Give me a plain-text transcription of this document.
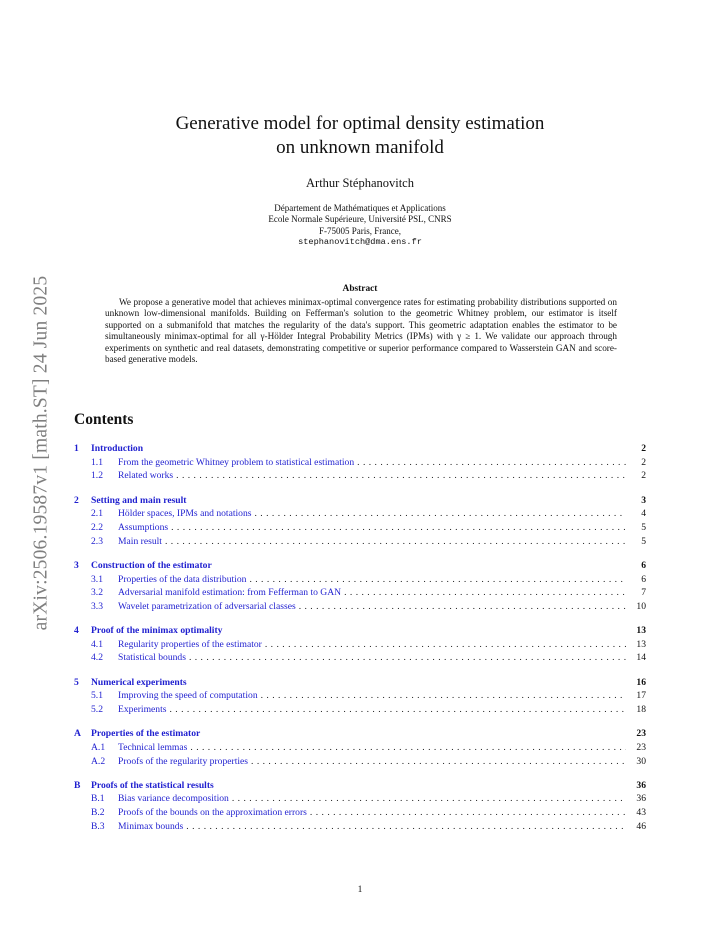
arXiv:2506.19587v1 [math.ST] 24 Jun 2025
Generative model for optimal density estimation
on unknown manifold
Arthur Stéphanovitch
Département de Mathématiques et Applications
Ecole Normale Supérieure, Université PSL, CNRS
F-75005 Paris, France,
stephanovitch@dma.ens.fr
Abstract
We propose a generative model that achieves minimax-optimal convergence rates for estimating probability distributions supported on unknown low-dimensional manifolds. Building on Fefferman's solution to the geometric Whitney problem, our estimator is itself supported on a submanifold that matches the regularity of the data's support. This geometric adaptation enables the estimator to be simultaneously minimax-optimal for all γ-Hölder Integral Probability Metrics (IPMs) with γ ≥ 1. We validate our approach through experiments on synthetic and real datasets, demonstrating competitive or superior performance compared to Wasserstein GAN and score-based generative models.
Contents
1	Introduction	2
1.1	From the geometric Whitney problem to statistical estimation . . .	2
1.2	Related works . . .	2
2	Setting and main result	3
2.1	Hölder spaces, IPMs and notations . . .	4
2.2	Assumptions . . .	5
2.3	Main result . . .	5
3	Construction of the estimator	6
3.1	Properties of the data distribution . . .	6
3.2	Adversarial manifold estimation: from Fefferman to GAN . . .	7
3.3	Wavelet parametrization of adversarial classes . . .	10
4	Proof of the minimax optimality	13
4.1	Regularity properties of the estimator . . .	13
4.2	Statistical bounds . . .	14
5	Numerical experiments	16
5.1	Improving the speed of computation . . .	17
5.2	Experiments . . .	18
A	Properties of the estimator	23
A.1	Technical lemmas . . .	23
A.2	Proofs of the regularity properties . . .	30
B	Proofs of the statistical results	36
B.1	Bias variance decomposition . . .	36
B.2	Proofs of the bounds on the approximation errors . . .	43
B.3	Minimax bounds . . .	46
1
